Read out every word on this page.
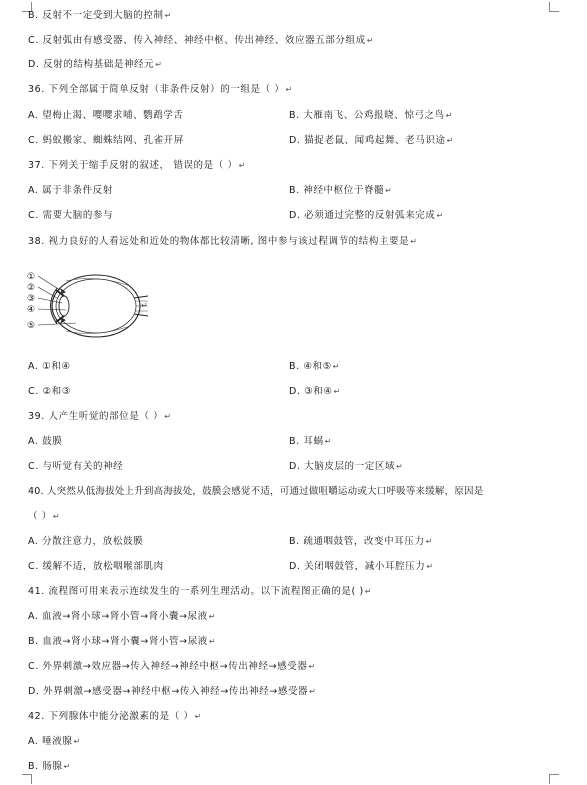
B. 反射不一定受到大脑的控制↵
C. 反射弧由有感受器、传入神经、神经中枢、传出神经、效应器五部分组成↵
D. 反射的结构基础是神经元↵
36. 下列全部属于简单反射（非条件反射）的一组是（ ）↵
A. 望梅止渴、嘤嘤求哺、鹦鹉学舌	B. 大雁南飞、公鸡报晓、惊弓之鸟↵
C. 蚂蚁搬家、蜘蛛结网、孔雀开屏	D. 猫捉老鼠、闻鸡起舞、老马识途↵
37. 下列关于缩手反射的叙述， 错误的是（ ）↵
A. 属于非条件反射	B. 神经中枢位于脊髓↵
C. 需要大脑的参与	D. 必须通过完整的反射弧来完成↵
38. 视力良好的人看远处和近处的物体都比较清晰, 图中参与该过程调节的结构主要是↵
①
②
③
④
⑤
↵
A. ①和④	B. ④和⑤↵
C. ②和③	D. ③和④↵
39. 人产生听觉的部位是（ ）↵
A. 鼓膜	B. 耳蜗↵
C. 与听觉有关的神经	D. 大脑皮层的一定区域↵
40. 人突然从低海拔处上升到高海拔处，鼓膜会感觉不适，可通过做咀嚼运动或大口呼吸等来缓解，原因是
（ ）↵
A. 分散注意力，放松鼓膜	B. 疏通咽鼓管，改变中耳压力↵
C. 缓解不适，放松咽喉部肌肉	D. 关闭咽鼓管，减小耳腔压力↵
41. 流程图可用来表示连续发生的一系列生理活动。以下流程图正确的是( )↵
A. 血液→肾小球→肾小管→肾小囊→尿液↵
B. 血液→肾小球→肾小囊→肾小管→尿液↵
C. 外界刺激→效应器→传入神经→神经中枢→传出神经→感受器↵
D. 外界刺激→感受器→神经中枢→传入神经→传出神经→感受器↵
42. 下列腺体中能分泌激素的是（ ）↵
A. 唾液腺↵
B. 肠腺↵
